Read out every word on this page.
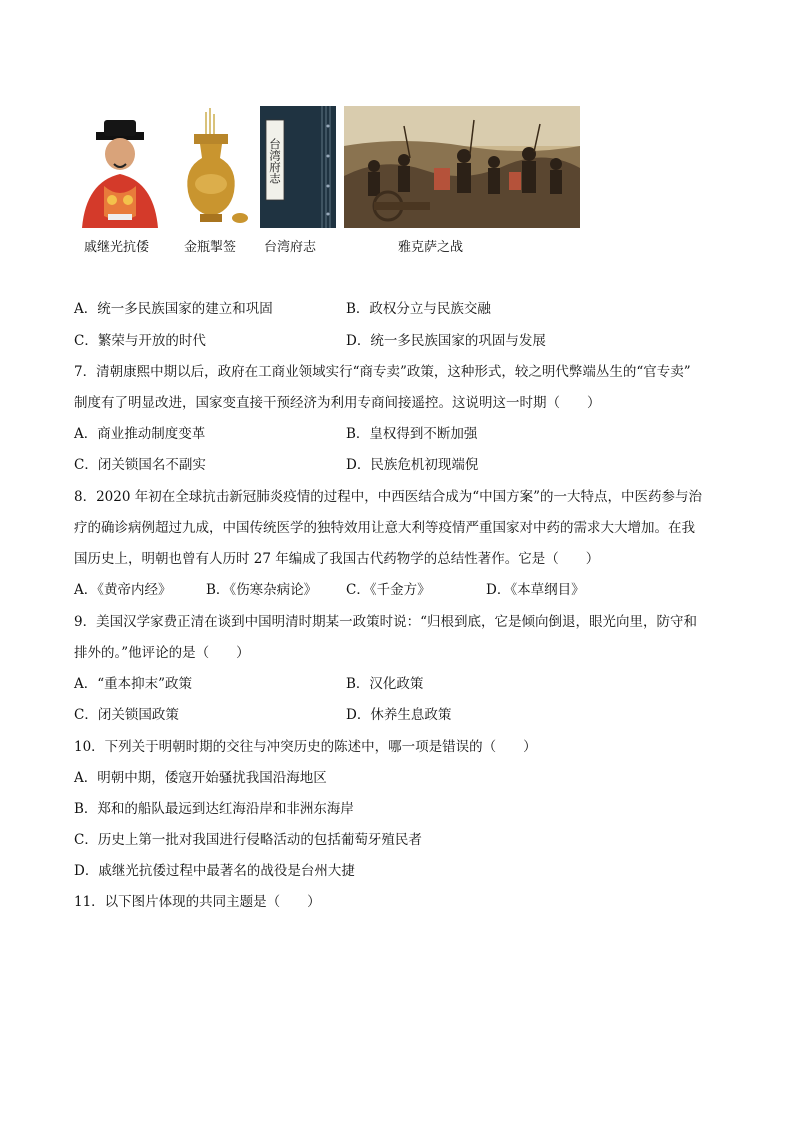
台湾府志
戚继光抗倭	金瓶掣签 台湾府志	雅克萨之战
A．统一多民族国家的建立和巩固	B．政权分立与民族交融
C．繁荣与开放的时代	D．统一多民族国家的巩固与发展
7．清朝康熙中期以后，政府在工商业领域实行“商专卖”政策，这种形式，较之明代弊端丛生的“官专卖”
制度有了明显改进，国家变直接干预经济为利用专商间接遥控。这说明这一时期（　　）
A．商业推动制度变革	B．皇权得到不断加强
C．闭关锁国名不副实	D．民族危机初现端倪
8．2020 年初在全球抗击新冠肺炎疫情的过程中，中西医结合成为“中国方案”的一大特点，中医药参与治
疗的确诊病例超过九成，中国传统医学的独特效用让意大利等疫情严重国家对中药的需求大大增加。在我
国历史上，明朝也曾有人历时 27 年编成了我国古代药物学的总结性著作。它是（　　）
A．《黄帝内经》	B．《伤寒杂病论》 C．《千金方》	D．《本草纲目》
9．美国汉学家费正清在谈到中国明清时期某一政策时说：“归根到底，它是倾向倒退，眼光向里，防守和
排外的。”他评论的是（　　）
A．“重本抑末”政策	B．汉化政策
C．闭关锁国政策	D．休养生息政策
10．下列关于明朝时期的交往与冲突历史的陈述中，哪一项是错误的（　　）
A．明朝中期，倭寇开始骚扰我国沿海地区
B．郑和的船队最远到达红海沿岸和非洲东海岸
C．历史上第一批对我国进行侵略活动的包括葡萄牙殖民者
D．戚继光抗倭过程中最著名的战役是台州大捷
11．以下图片体现的共同主题是（　　）
